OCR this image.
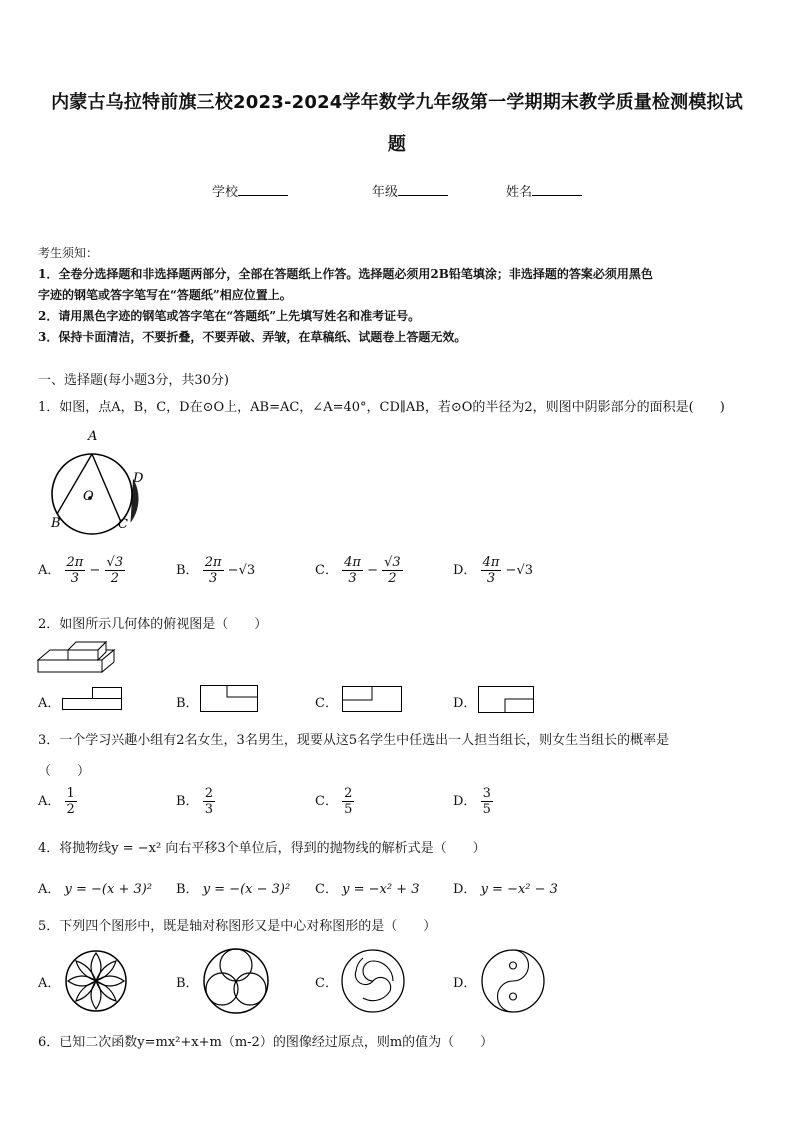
内蒙古乌拉特前旗三校2023-2024学年数学九年级第一学期期末教学质量检测模拟试
题
学校	年级	姓名
考生须知：
1．全卷分选择题和非选择题两部分，全部在答题纸上作答。选择题必须用2B铅笔填涂；非选择题的答案必须用黑色
字迹的钢笔或答字笔写在“答题纸”相应位置上。
2．请用黑色字迹的钢笔或答字笔在“答题纸”上先填写姓名和准考证号。
3．保持卡面清洁，不要折叠，不要弄破、弄皱，在草稿纸、试题卷上答题无效。
一、选择题(每小题3分，共30分)
1．如图，点A，B，C，D在⊙O上，AB=AC，∠A=40°，CD∥AB，若⊙O的半径为2，则图中阴影部分的面积是(　　)
A
B	C
D
O
A． $\frac{2\pi}{3} - \frac{√3}{2}$	B． $\frac{2\pi}{3} -√3$	C． $\frac{4\pi}{3} - \frac{√3}{2}$	D． $\frac{4\pi}{3} -√3$
2．如图所示几何体的俯视图是（　　）
A．	B．	C．	D．
3．一个学习兴趣小组有2名女生，3名男生，现要从这5名学生中任选出一人担当组长，则女生当组长的概率是
（　　）
A． $\frac{1}{2}$	B． $\frac{2}{3}$	C． $\frac{2}{5}$	D． $\frac{3}{5}$
4．将抛物线y = −x² 向右平移3个单位后，得到的抛物线的解析式是（　　）
A． y = −(x + 3)² B． y = −(x − 3)² C． y = −x² + 3	D． y = −x² − 3
5．下列四个图形中，既是轴对称图形又是中心对称图形的是（　　）
A．	B．	C．	D．
6．已知二次函数y=mx²+x+m（m-2）的图像经过原点，则m的值为（　　）
